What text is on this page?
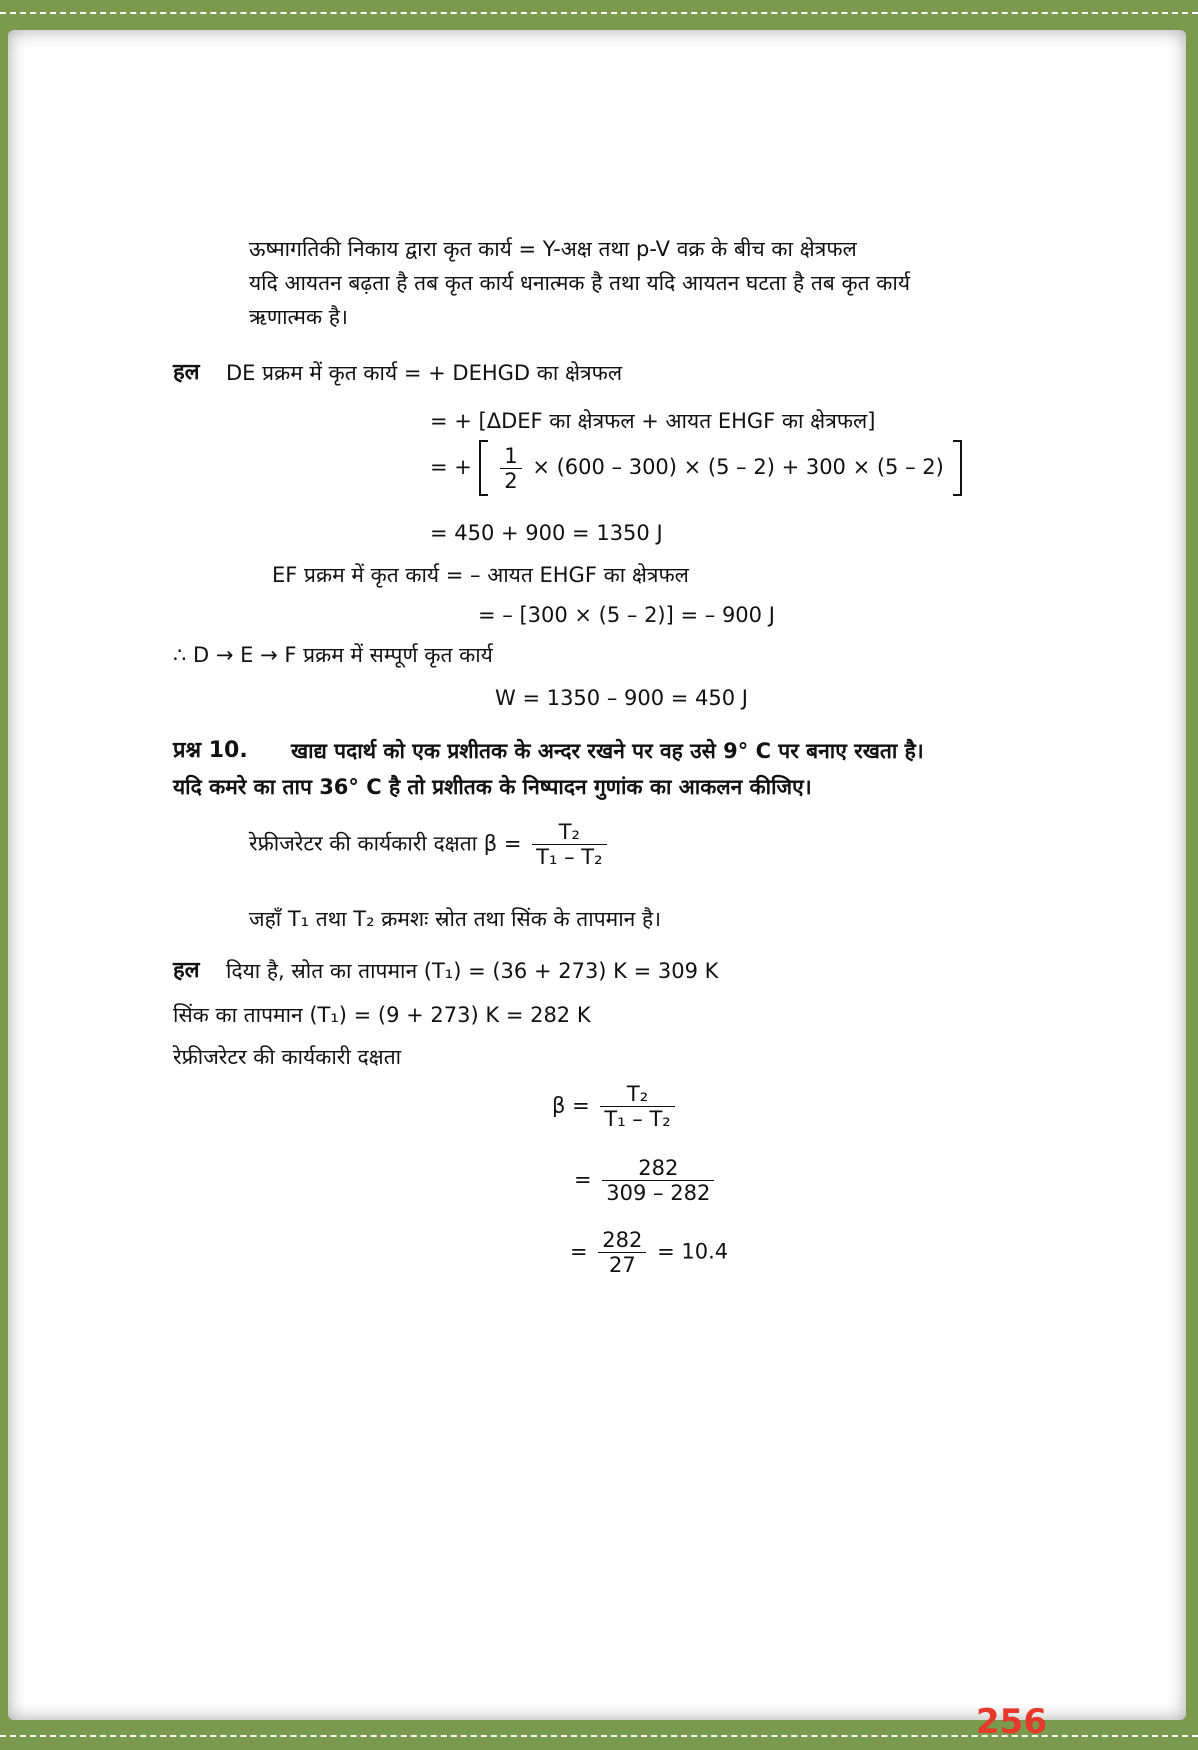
ऊष्मागतिकी निकाय द्वारा कृत कार्य = Y-अक्ष तथा p-V वक्र के बीच का क्षेत्रफल
यदि आयतन बढ़ता है तब कृत कार्य धनात्मक है तथा यदि आयतन घटता है तब कृत कार्य
ऋणात्मक है।
हल DE प्रक्रम में कृत कार्य = + DEHGD का क्षेत्रफल
= + [ΔDEF का क्षेत्रफल + आयत EHGF का क्षेत्रफल]
= + $\frac{1}{2} \times (600 - 300) \times (5 - 2) + 300 \times (5 - 2)$
= 450 + 900 = 1350 J
EF प्रक्रम में कृत कार्य = – आयत EHGF का क्षेत्रफल
= – [300 × (5 – 2)] = – 900 J
∴ D → E → F प्रक्रम में सम्पूर्ण कृत कार्य
W = 1350 – 900 = 450 J
प्रश्न 10. खाद्य पदार्थ को एक प्रशीतक के अन्दर रखने पर वह उसे 9° C पर बनाए रखता है।
यदि कमरे का ताप 36° C है तो प्रशीतक के निष्पादन गुणांक का आकलन कीजिए।
रेफ्रीजरेटर की कार्यकारी दक्षता $\beta = \frac{\text{T₂}}{\text{T₁ – T₂}}$
जहाँ T₁ तथा T₂ क्रमशः स्रोत तथा सिंक के तापमान है।
हल दिया है, स्रोत का तापमान (T₁) = (36 + 273) K = 309 K
सिंक का तापमान (T₁) = (9 + 273) K = 282 K
रेफ्रीजरेटर की कार्यकारी दक्षता
$\beta = \frac{\text{T₂}}{\text{T₁ – T₂}}$
= $\frac{282}{309 - 282}$
= $\frac{282}{27} = 10.4$
256
